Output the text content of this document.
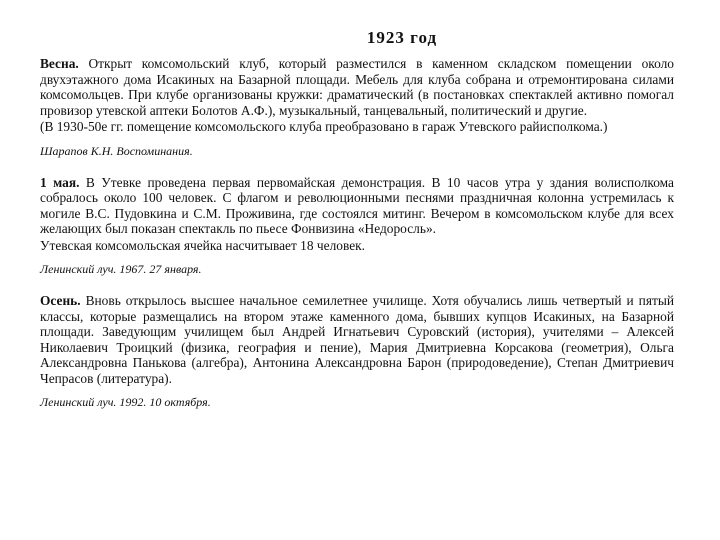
1923 год

Весна. Открыт комсомольский клуб, который разместился в каменном складском помещении около двухэтажного дома Исакиных на Базарной площади. Мебель для клуба собрана и отремонтирована силами комсомольцев. При клубе организованы кружки: драматический (в постановках спектаклей активно помогал провизор утевской аптеки Болотов А.Ф.), музыкальный, танцевальный, политический и другие.

(В 1930-50е гг. помещение комсомольского клуба преобразовано в гараж Утевского райисполкома.)

Шарапов К.Н. Воспоминания.

1 мая. В Утевке проведена первая первомайская демонстрация. В 10 часов утра у здания волисполкома собралось около 100 человек. С флагом и революционными песнями праздничная колонна устремилась к могиле В.С. Пудовкина и С.М. Проживина, где состоялся митинг. Вечером в комсомольском клубе для всех желающих был показан спектакль по пьесе Фонвизина «Недоросль».

Утевская комсомольская ячейка насчитывает 18 человек.

Ленинский луч. 1967. 27 января.

Осень. Вновь открылось высшее начальное семилетнее училище. Хотя обучались лишь четвертый и пятый классы, которые размещались на втором этаже каменного дома, бывших купцов Исакиных, на Базарной площади. Заведующим училищем был Андрей Игнатьевич Суровский (история), учителями – Алексей Николаевич Троицкий (физика, география и пение), Мария Дмитриевна Корсакова (геометрия), Ольга Александровна Панькова (алгебра), Антонина Александровна Барон (природоведение), Степан Дмитриевич Чепрасов (литература).

Ленинский луч. 1992. 10 октября.
